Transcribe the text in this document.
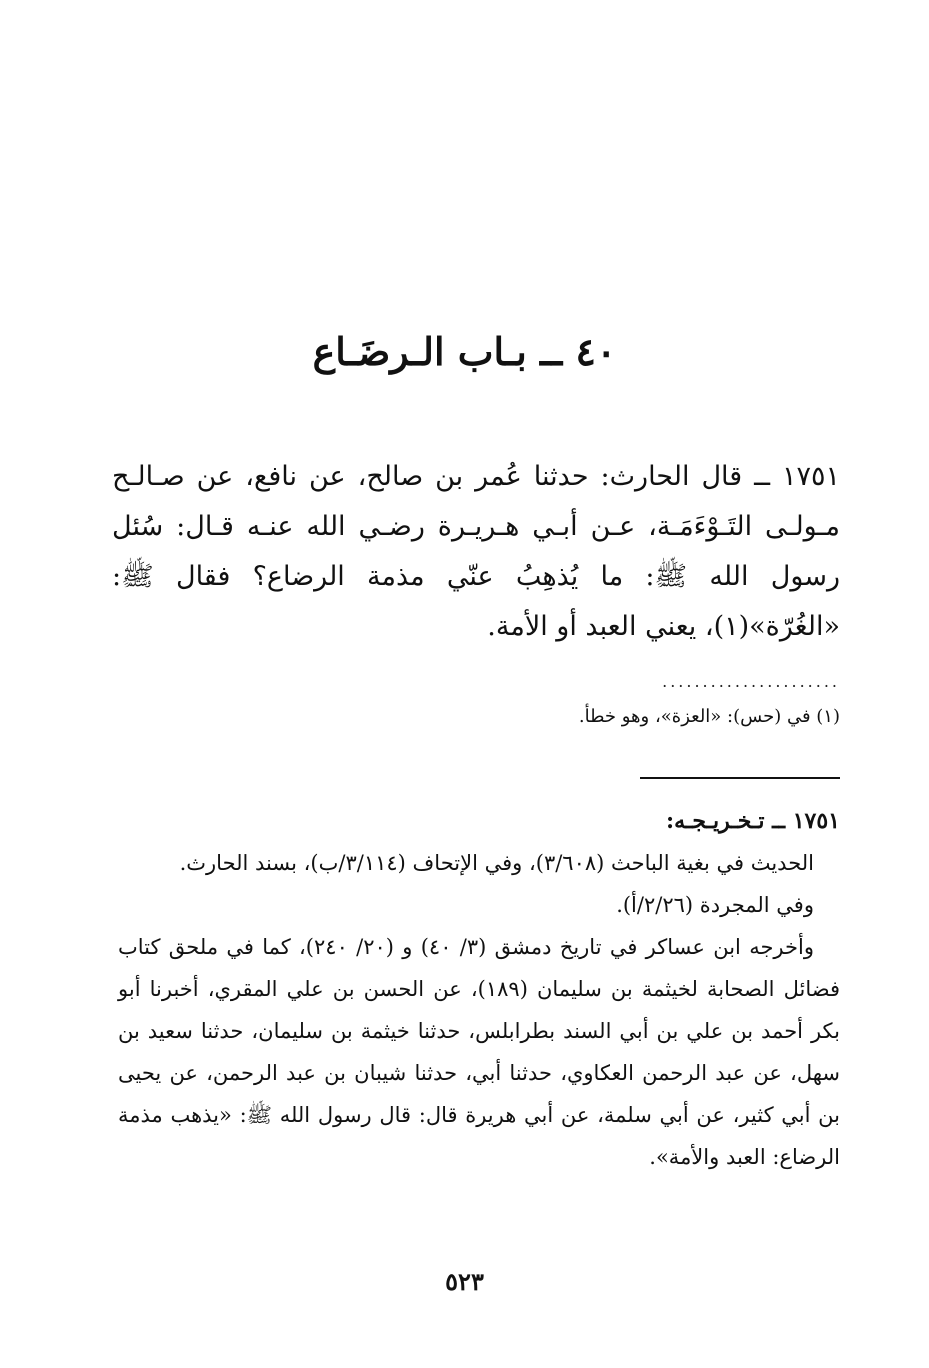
٤٠ ــ بـاب الـرضَـاع

١٧٥١ ــ قال الحارث: حدثنا عُمر بن صالح، عن نافع، عن صـالـح مـولـى التَـوْءَمَـة، عـن أبـي هـريـرة رضـي الله عنـه قـال: سُئل رسول الله ﷺ: ما يُذهِبُ عنّي مذمة الرضاع؟ فقال ﷺ: «الغُرّة»(١)، يعني العبد أو الأمة.

......................
(١) في (حس): «العزة»، وهو خطأ.

١٧٥١ ــ تـخـريـجـه:

الحديث في بغية الباحث (٣/٦٠٨)، وفي الإتحاف (٣/١١٤/ب)، بسند الحارث.

وفي المجردة (٢/٢٦/أ).

وأخرجه ابن عساكر في تاريخ دمشق (٣/ ٤٠) و (٢٠/ ٢٤٠)، كما في ملحق كتاب فضائل الصحابة لخيثمة بن سليمان (١٨٩)، عن الحسن بن علي المقري، أخبرنا أبو بكر أحمد بن علي بن أبي السند بطرابلس، حدثنا خيثمة بن سليمان، حدثنا سعيد بن سهل، عن عبد الرحمن العكاوي، حدثنا أبي، حدثنا شيبان بن عبد الرحمن، عن يحيى بن أبي كثير، عن أبي سلمة، عن أبي هريرة قال: قال رسول الله ﷺ: «يذهب مذمة الرضاع: العبد والأمة».

٥٢٣
